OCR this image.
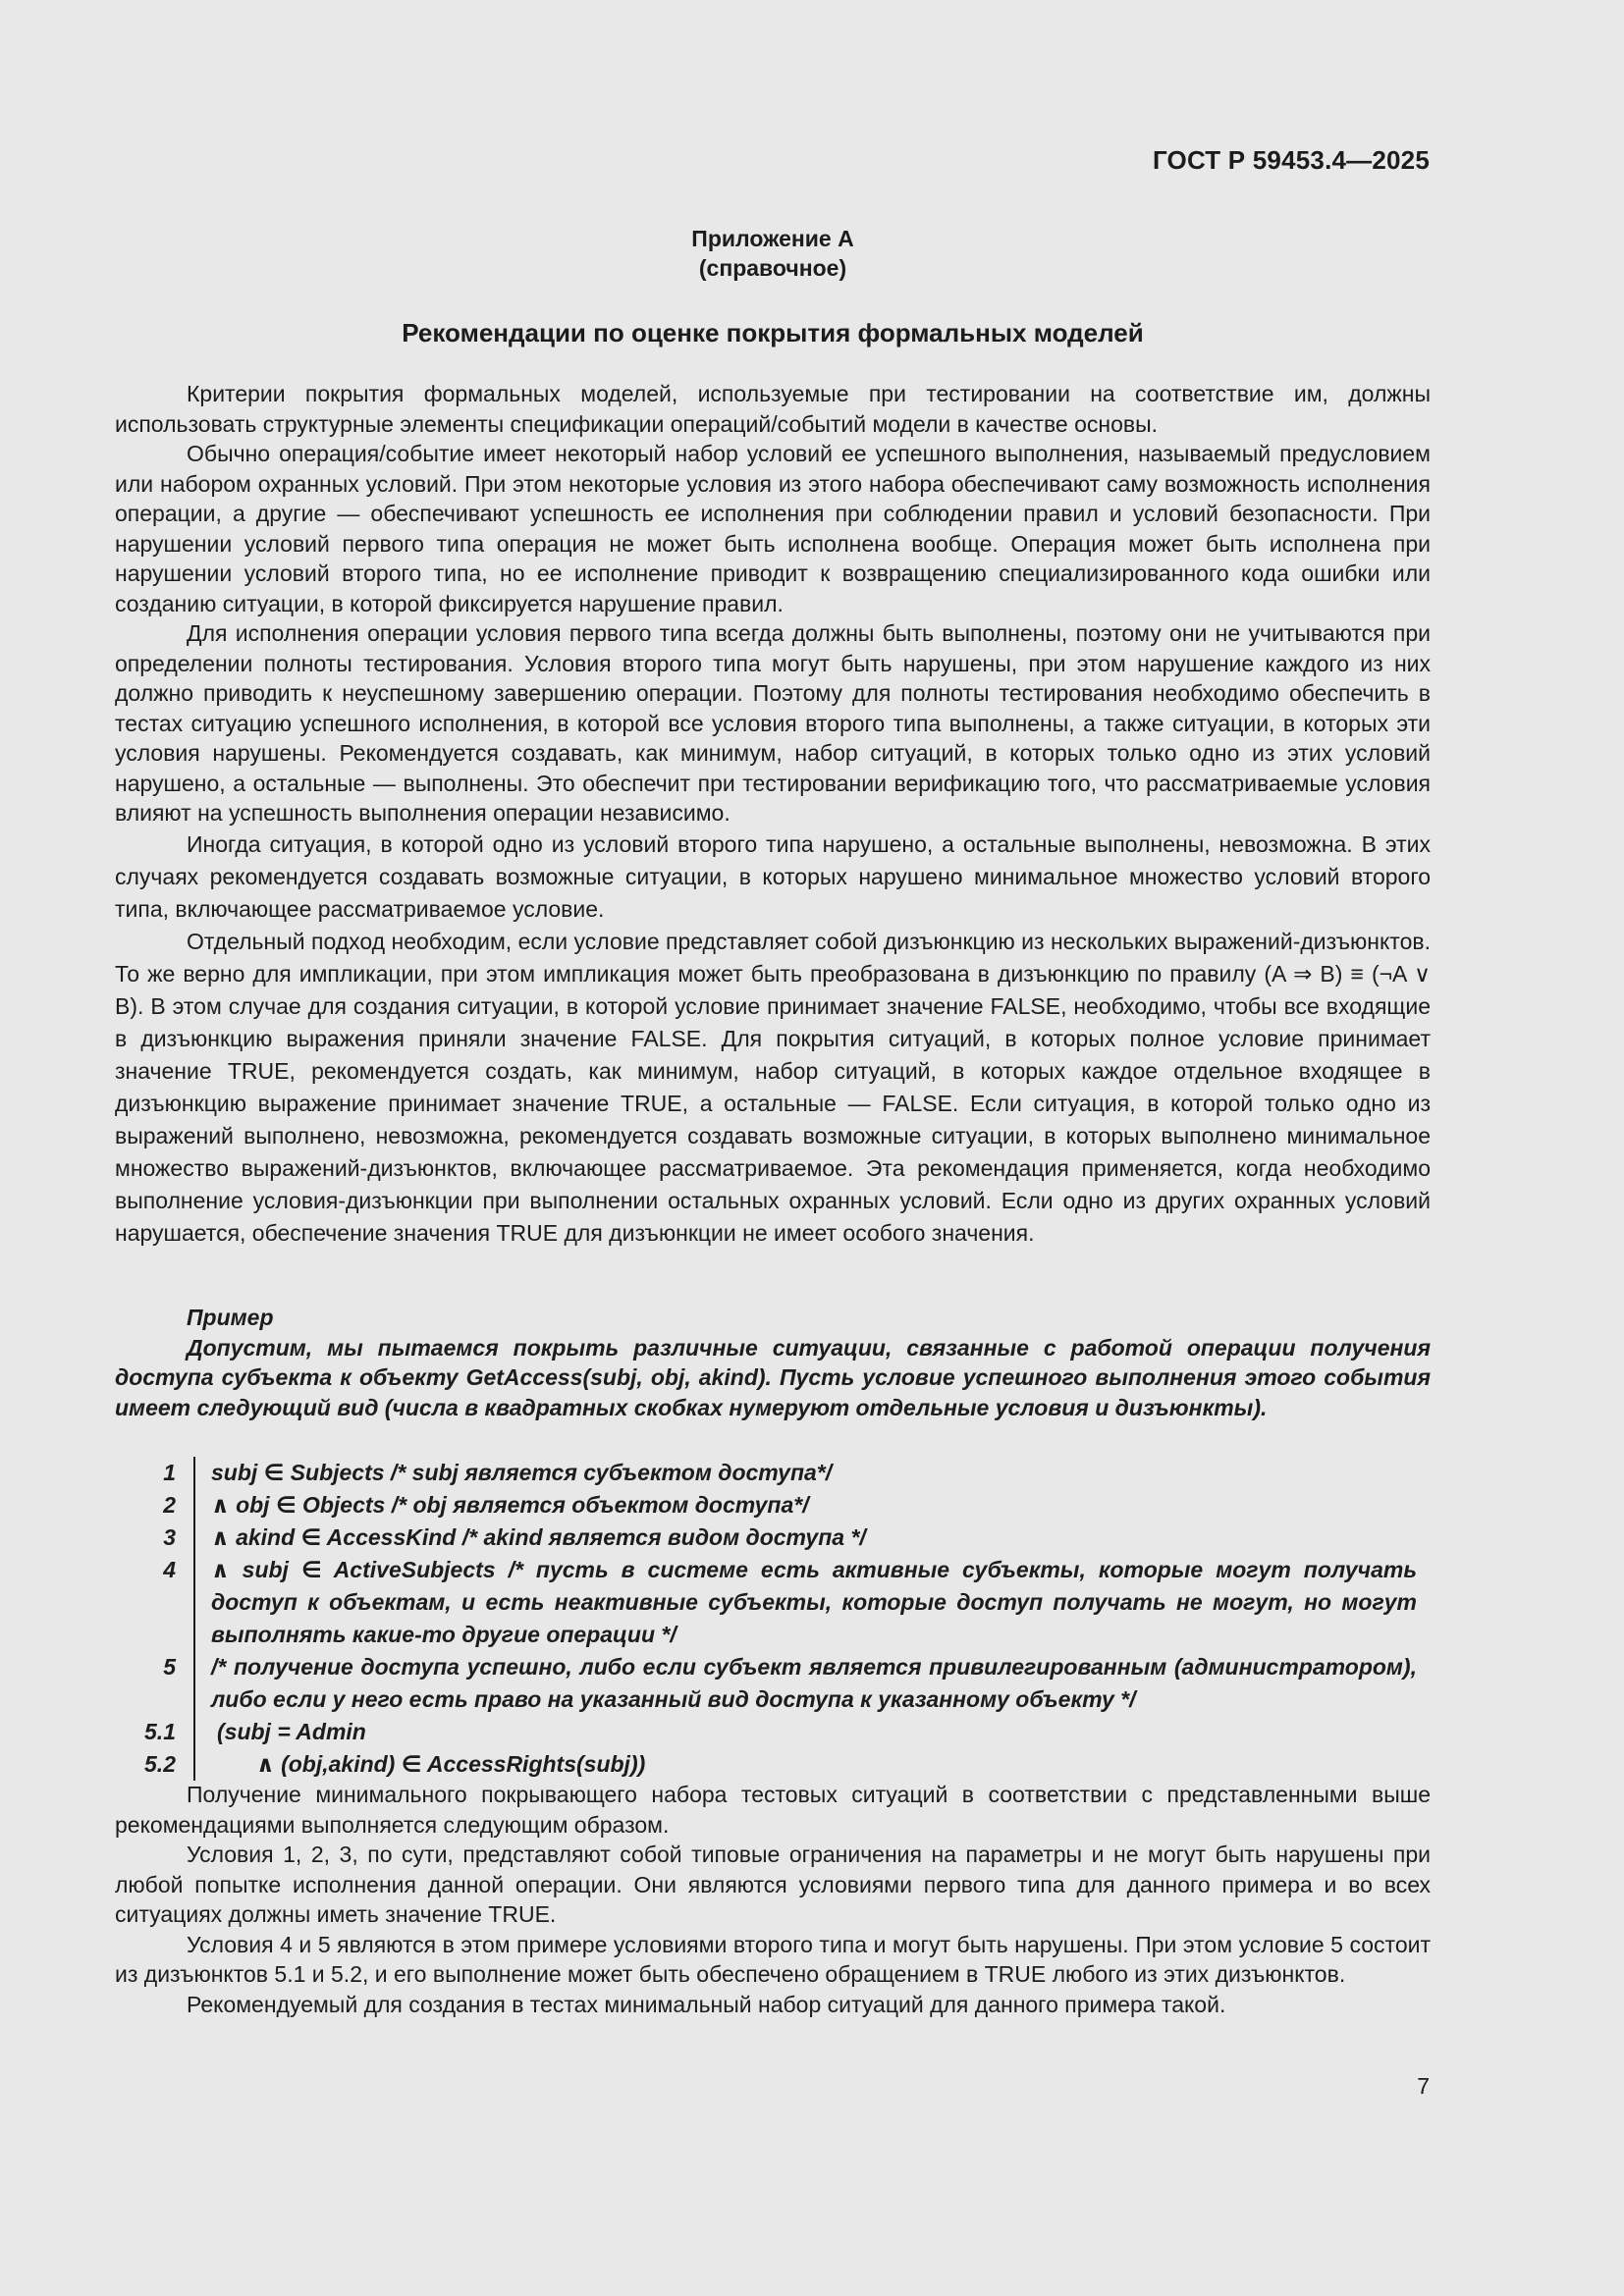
ГОСТ Р 59453.4—2025
Приложение А
(справочное)
Рекомендации по оценке покрытия формальных моделей

Критерии покрытия формальных моделей, используемые при тестировании на соответствие им, должны использовать структурные элементы спецификации операций/событий модели в качестве основы.

Обычно операция/событие имеет некоторый набор условий ее успешного выполнения, называемый предусловием или набором охранных условий. При этом некоторые условия из этого набора обеспечивают саму возможность исполнения операции, а другие — обеспечивают успешность ее исполнения при соблюдении правил и условий безопасности. При нарушении условий первого типа операция не может быть исполнена вообще. Операция может быть исполнена при нарушении условий второго типа, но ее исполнение приводит к возвращению специализированного кода ошибки или созданию ситуации, в которой фиксируется нарушение правил.

Для исполнения операции условия первого типа всегда должны быть выполнены, поэтому они не учитываются при определении полноты тестирования. Условия второго типа могут быть нарушены, при этом нарушение каждого из них должно приводить к неуспешному завершению операции. Поэтому для полноты тестирования необходимо обеспечить в тестах ситуацию успешного исполнения, в которой все условия второго типа выполнены, а также ситуации, в которых эти условия нарушены. Рекомендуется создавать, как минимум, набор ситуаций, в которых только одно из этих условий нарушено, а остальные — выполнены. Это обеспечит при тестировании верификацию того, что рассматриваемые условия влияют на успешность выполнения операции независимо.

Иногда ситуация, в которой одно из условий второго типа нарушено, а остальные выполнены, невозможна. В этих случаях рекомендуется создавать возможные ситуации, в которых нарушено минимальное множество условий второго типа, включающее рассматриваемое условие.

Отдельный подход необходим, если условие представляет собой дизъюнкцию из нескольких выражений-дизъюнктов. То же верно для импликации, при этом импликация может быть преобразована в дизъюнкцию по правилу (A ⇒ B) ≡ (¬A ∨ B). В этом случае для создания ситуации, в которой условие принимает значение FALSE, необходимо, чтобы все входящие в дизъюнкцию выражения приняли значение FALSE. Для покрытия ситуаций, в которых полное условие принимает значение TRUE, рекомендуется создать, как минимум, набор ситуаций, в которых каждое отдельное входящее в дизъюнкцию выражение принимает значение TRUE, а остальные — FALSE. Если ситуация, в которой только одно из выражений выполнено, невозможна, рекомендуется создавать возможные ситуации, в которых выполнено минимальное множество выражений-дизъюнктов, включающее рассматриваемое. Эта рекомендация применяется, когда необходимо выполнение условия-дизъюнкции при выполнении остальных охранных условий. Если одно из других охранных условий нарушается, обеспечение значения TRUE для дизъюнкции не имеет особого значения.

Пример

Допустим, мы пытаемся покрыть различные ситуации, связанные с работой операции получения доступа субъекта к объекту GetAccess(subj, obj, akind). Пусть условие успешного выполнения этого события имеет следующий вид (числа в квадратных скобках нумеруют отдельные условия и дизъюнкты).

1	subj ∈ Subjects /* subj является субъектом доступа*/
2	∧ obj ∈ Objects /* obj является объектом доступа*/
3	∧ akind ∈ AccessKind /* akind является видом доступа */
4	∧ subj ∈ ActiveSubjects /* пусть в системе есть активные субъекты, которые могут получать доступ к объектам, и есть неактивные субъекты, которые доступ получать не могут, но могут выполнять какие-то другие операции */
5	/* получение доступа успешно, либо если субъект является привилегированным (администратором), либо если у него есть право на указанный вид доступа к указанному объекту */
5.1	(subj = Admin
5.2	∧ (obj,akind) ∈ AccessRights(subj))

Получение минимального покрывающего набора тестовых ситуаций в соответствии с представленными выше рекомендациями выполняется следующим образом.

Условия 1, 2, 3, по сути, представляют собой типовые ограничения на параметры и не могут быть нарушены при любой попытке исполнения данной операции. Они являются условиями первого типа для данного примера и во всех ситуациях должны иметь значение TRUE.

Условия 4 и 5 являются в этом примере условиями второго типа и могут быть нарушены. При этом условие 5 состоит из дизъюнктов 5.1 и 5.2, и его выполнение может быть обеспечено обращением в TRUE любого из этих дизъюнктов.

Рекомендуемый для создания в тестах минимальный набор ситуаций для данного примера такой.

7
